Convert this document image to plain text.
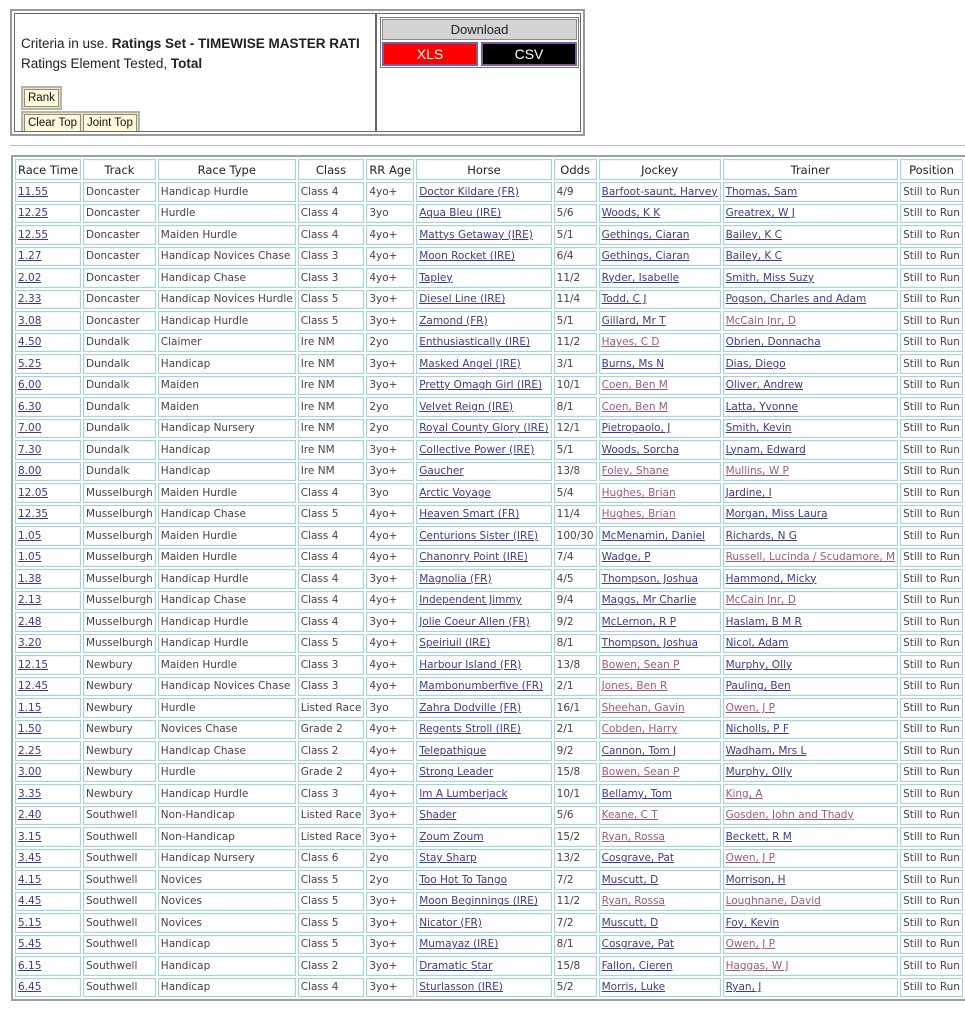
Criteria in use. Ratings Set - TIMEWISE MASTER RATI
Ratings Element Tested, Total
Rank
Clear Top Joint Top
Download
XLS	CSV
Race Time	Track	Race Type	Class	RR Age	Horse	Odds	Jockey	Trainer	Position
11.55	Doncaster	Handicap Hurdle	Class 4	4yo+	Doctor Kildare (FR)	4/9	Barfoot-saunt, Harvey	Thomas, Sam	Still to Run
12.25	Doncaster	Hurdle	Class 4	3yo	Aqua Bleu (IRE)	5/6	Woods, K K	Greatrex, W J	Still to Run
12.55	Doncaster	Maiden Hurdle	Class 4	4yo+	Mattys Getaway (IRE)	5/1	Gethings, Ciaran	Bailey, K C	Still to Run
1.27	Doncaster	Handicap Novices Chase	Class 3	4yo+	Moon Rocket (IRE)	6/4	Gethings, Ciaran	Bailey, K C	Still to Run
2.02	Doncaster	Handicap Chase	Class 3	4yo+	Tapley	11/2	Ryder, Isabelle	Smith, Miss Suzy	Still to Run
2.33	Doncaster	Handicap Novices Hurdle	Class 5	3yo+	Diesel Line (IRE)	11/4	Todd, C J	Pogson, Charles and Adam	Still to Run
3.08	Doncaster	Handicap Hurdle	Class 5	3yo+	Zamond (FR)	5/1	Gillard, Mr T	McCain Jnr, D	Still to Run
4.50	Dundalk	Claimer	Ire NM	2yo	Enthusiastically (IRE)	11/2	Hayes, C D	Obrien, Donnacha	Still to Run
5.25	Dundalk	Handicap	Ire NM	3yo+	Masked Angel (IRE)	3/1	Burns, Ms N	Dias, Diego	Still to Run
6.00	Dundalk	Maiden	Ire NM	3yo+	Pretty Omagh Girl (IRE)	10/1	Coen, Ben M	Oliver, Andrew	Still to Run
6.30	Dundalk	Maiden	Ire NM	2yo	Velvet Reign (IRE)	8/1	Coen, Ben M	Latta, Yvonne	Still to Run
7.00	Dundalk	Handicap Nursery	Ire NM	2yo	Royal County Glory (IRE)	12/1	Pietropaolo, J	Smith, Kevin	Still to Run
7.30	Dundalk	Handicap	Ire NM	3yo+	Collective Power (IRE)	5/1	Woods, Sorcha	Lynam, Edward	Still to Run
8.00	Dundalk	Handicap	Ire NM	3yo+	Gaucher	13/8	Foley, Shane	Mullins, W P	Still to Run
12.05	Musselburgh	Maiden Hurdle	Class 4	3yo	Arctic Voyage	5/4	Hughes, Brian	Jardine, I	Still to Run
12.35	Musselburgh	Handicap Chase	Class 5	4yo+	Heaven Smart (FR)	11/4	Hughes, Brian	Morgan, Miss Laura	Still to Run
1.05	Musselburgh	Maiden Hurdle	Class 4	4yo+	Centurions Sister (IRE)	100/30	McMenamin, Daniel	Richards, N G	Still to Run
1.05	Musselburgh	Maiden Hurdle	Class 4	4yo+	Chanonry Point (IRE)	7/4	Wadge, P	Russell, Lucinda / Scudamore, M	Still to Run
1.38	Musselburgh	Handicap Hurdle	Class 4	3yo+	Magnolia (FR)	4/5	Thompson, Joshua	Hammond, Micky	Still to Run
2.13	Musselburgh	Handicap Chase	Class 4	4yo+	Independent Jimmy	9/4	Maggs, Mr Charlie	McCain Jnr, D	Still to Run
2.48	Musselburgh	Handicap Hurdle	Class 4	3yo+	Jolie Coeur Allen (FR)	9/2	McLernon, R P	Haslam, B M R	Still to Run
3.20	Musselburgh	Handicap Hurdle	Class 5	4yo+	Speiriuil (IRE)	8/1	Thompson, Joshua	Nicol, Adam	Still to Run
12.15	Newbury	Maiden Hurdle	Class 3	4yo+	Harbour Island (FR)	13/8	Bowen, Sean P	Murphy, Olly	Still to Run
12.45	Newbury	Handicap Novices Chase	Class 3	4yo+	Mambonumberfive (FR)	2/1	Jones, Ben R	Pauling, Ben	Still to Run
1.15	Newbury	Hurdle	Listed Race	3yo	Zahra Dodville (FR)	16/1	Sheehan, Gavin	Owen, J P	Still to Run
1.50	Newbury	Novices Chase	Grade 2	4yo+	Regents Stroll (IRE)	2/1	Cobden, Harry	Nicholls, P F	Still to Run
2.25	Newbury	Handicap Chase	Class 2	4yo+	Telepathique	9/2	Cannon, Tom J	Wadham, Mrs L	Still to Run
3.00	Newbury	Hurdle	Grade 2	4yo+	Strong Leader	15/8	Bowen, Sean P	Murphy, Olly	Still to Run
3.35	Newbury	Handicap Hurdle	Class 3	4yo+	Im A Lumberjack	10/1	Bellamy, Tom	King, A	Still to Run
2.40	Southwell	Non-Handicap	Listed Race	3yo+	Shader	5/6	Keane, C T	Gosden, John and Thady	Still to Run
3.15	Southwell	Non-Handicap	Listed Race	3yo+	Zoum Zoum	15/2	Ryan, Rossa	Beckett, R M	Still to Run
3.45	Southwell	Handicap Nursery	Class 6	2yo	Stay Sharp	13/2	Cosgrave, Pat	Owen, J P	Still to Run
4.15	Southwell	Novices	Class 5	2yo	Too Hot To Tango	7/2	Muscutt, D	Morrison, H	Still to Run
4.45	Southwell	Novices	Class 5	3yo+	Moon Beginnings (IRE)	11/2	Ryan, Rossa	Loughnane, David	Still to Run
5.15	Southwell	Novices	Class 5	3yo+	Nicator (FR)	7/2	Muscutt, D	Foy, Kevin	Still to Run
5.45	Southwell	Handicap	Class 5	3yo+	Mumayaz (IRE)	8/1	Cosgrave, Pat	Owen, J P	Still to Run
6.15	Southwell	Handicap	Class 2	3yo+	Dramatic Star	15/8	Fallon, Cieren	Haggas, W J	Still to Run
6.45	Southwell	Handicap	Class 4	3yo+	Sturlasson (IRE)	5/2	Morris, Luke	Ryan, J	Still to Run
